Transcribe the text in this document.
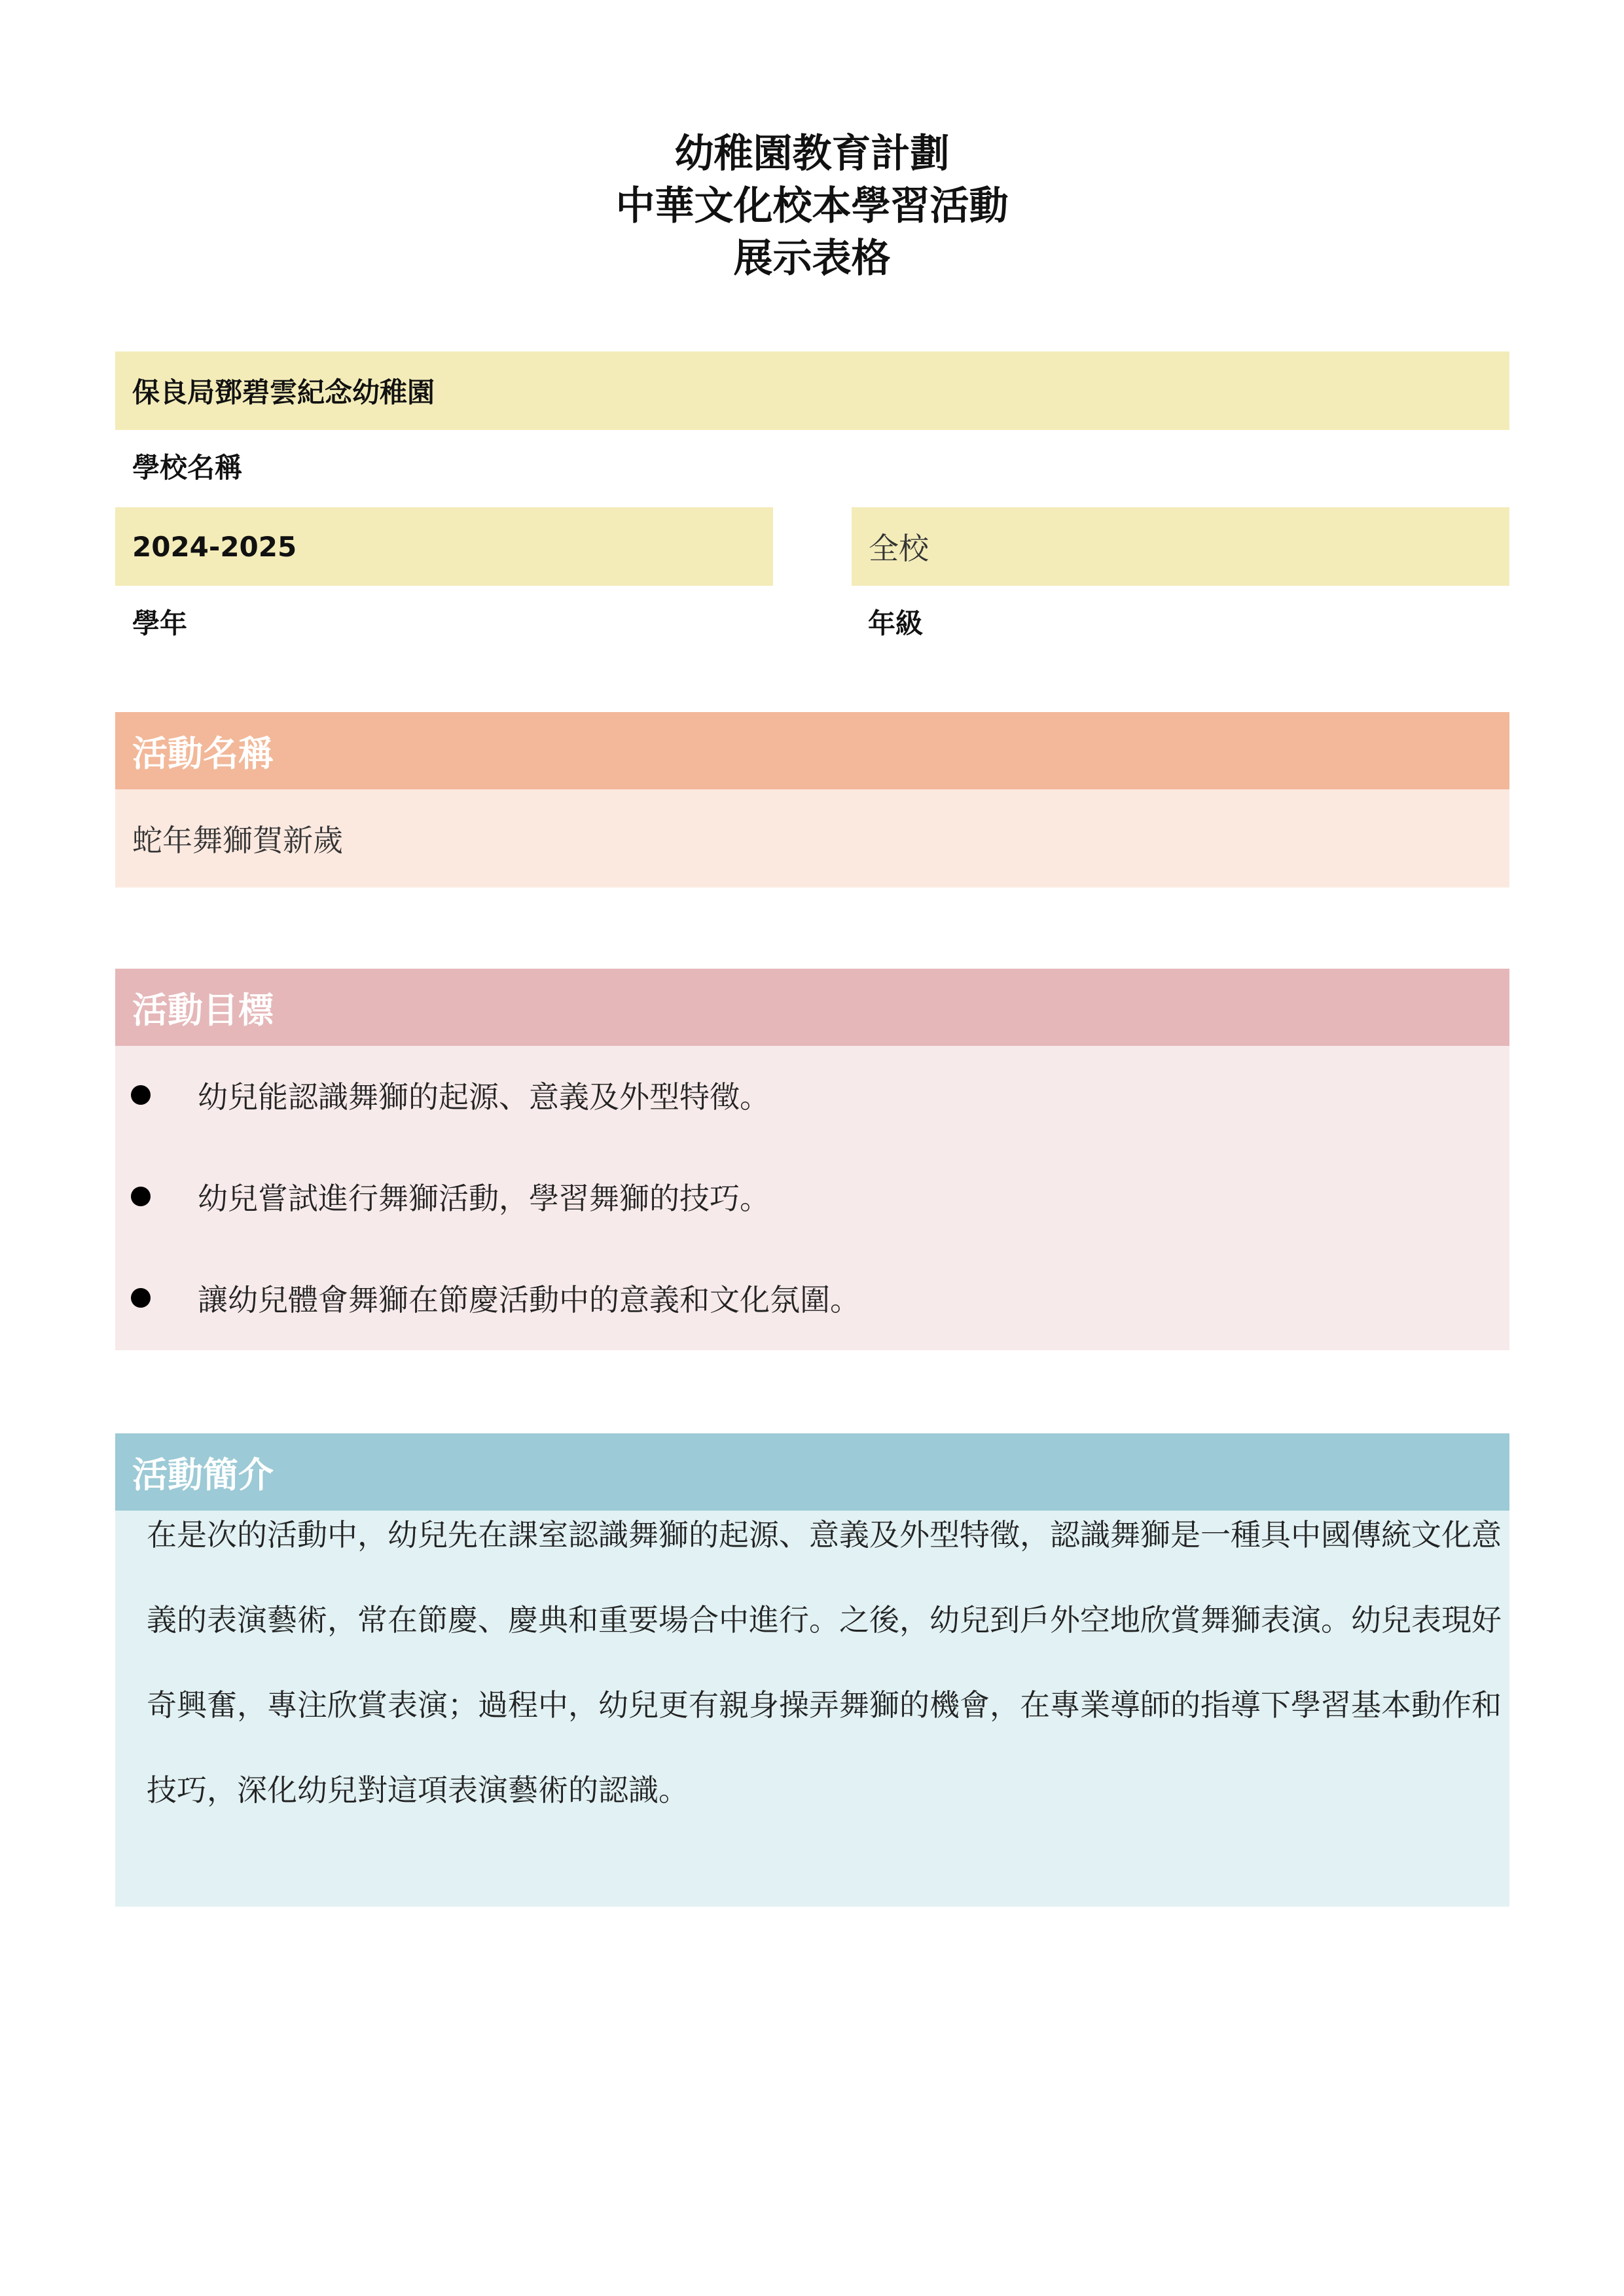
幼稚園教育計劃
中華文化校本學習活動
展示表格
保良局鄧碧雲紀念幼稚園
學校名稱
2024-2025
學年
全校
年級
活動名稱
蛇年舞獅賀新歲
活動目標
幼兒能認識舞獅的起源、意義及外型特徵。
幼兒嘗試進行舞獅活動，學習舞獅的技巧。
讓幼兒體會舞獅在節慶活動中的意義和文化氛圍。
活動簡介
在是次的活動中，幼兒先在課室認識舞獅的起源、意義及外型特徵，認識舞獅是一種具中國傳統文化意義的表演藝術，常在節慶、慶典和重要場合中進行。之後，幼兒到戶外空地欣賞舞獅表演。幼兒表現好奇興奮，專注欣賞表演；過程中，幼兒更有親身操弄舞獅的機會，在專業導師的指導下學習基本動作和技巧，深化幼兒對這項表演藝術的認識。
